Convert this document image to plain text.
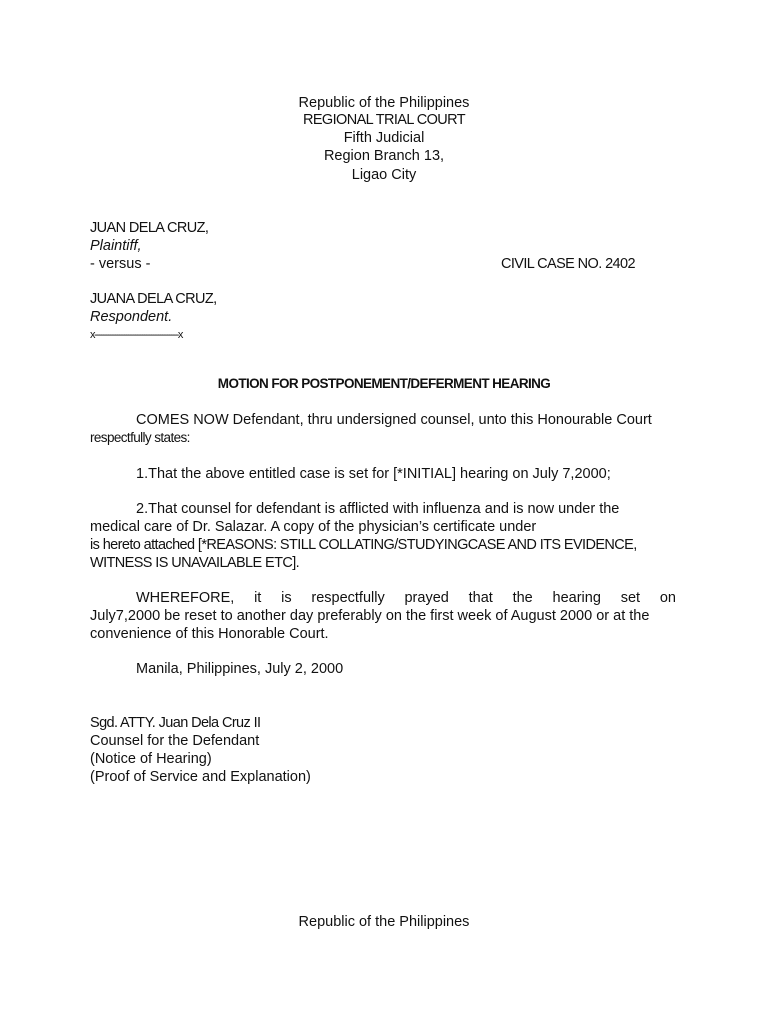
Republic of the Philippines
REGIONAL TRIAL COURT
Fifth Judicial
Region Branch 13,
Ligao City
JUAN DELA CRUZ,
Plaintiff,
- versus -	CIVIL CASE NO. 2402
JUANA DELA CRUZ,
Respondent.
x-------------------------------------x
MOTION FOR POSTPONEMENT/DEFERMENT HEARING
COMES NOW Defendant, thru undersigned counsel, unto this Honourable Court
respectfully states:
1.That the above entitled case is set for [*INITIAL] hearing on July 7,2000;
2.That counsel for defendant is afflicted with influenza and is now under the
medical care of Dr. Salazar. A copy of the physician’s certificate under
is hereto attached [*REASONS: STILL COLLATING/STUDYINGCASE AND ITS EVIDENCE,
WITNESS IS UNAVAILABLE ETC].
WHEREFORE, it is respectfully prayed that the hearing set on
July7,2000 be reset to another day preferably on the first week of August 2000 or at the
convenience of this Honorable Court.
Manila, Philippines, July 2, 2000
Sgd. ATTY. Juan Dela Cruz II
Counsel for the Defendant
(Notice of Hearing)
(Proof of Service and Explanation)
Republic of the Philippines
